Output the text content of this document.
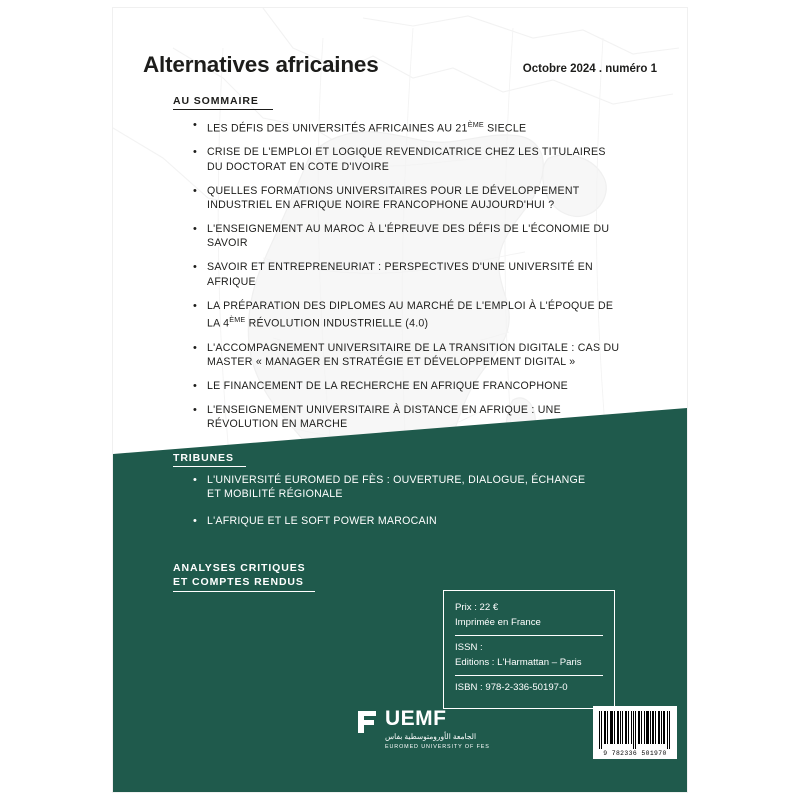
Alternatives africaines	Octobre 2024 . numéro 1
AU SOMMAIRE
• LES DÉFIS DES UNIVERSITÉS AFRICAINES AU 21ÈME SIECLE
• CRISE DE L'EMPLOI ET LOGIQUE REVENDICATRICE CHEZ LES TITULAIRES DU DOCTORAT EN COTE D'IVOIRE
• QUELLES FORMATIONS UNIVERSITAIRES POUR LE DÉVELOPPEMENT INDUSTRIEL EN AFRIQUE NOIRE FRANCOPHONE AUJOURD'HUI ?
• L'ENSEIGNEMENT AU MAROC À L'ÉPREUVE DES DÉFIS DE L'ÉCONOMIE DU SAVOIR
• SAVOIR ET ENTREPRENEURIAT : PERSPECTIVES D'UNE UNIVERSITÉ EN AFRIQUE
• LA PRÉPARATION DES DIPLOMES AU MARCHÉ DE L'EMPLOI À L'ÉPOQUE DE LA 4ÈME RÉVOLUTION INDUSTRIELLE (4.0)
• L'ACCOMPAGNEMENT UNIVERSITAIRE DE LA TRANSITION DIGITALE : CAS DU MASTER « MANAGER EN STRATÉGIE ET DÉVELOPPEMENT DIGITAL »
• LE FINANCEMENT DE LA RECHERCHE EN AFRIQUE FRANCOPHONE
• L'ENSEIGNEMENT UNIVERSITAIRE À DISTANCE EN AFRIQUE : UNE RÉVOLUTION EN MARCHE
TRIBUNES
• L'UNIVERSITÉ EUROMED DE FÈS : OUVERTURE, DIALOGUE, ÉCHANGE ET MOBILITÉ RÉGIONALE
• L'AFRIQUE ET LE SOFT POWER MAROCAIN
ANALYSES CRITIQUES
ET COMPTES RENDUS
Prix : 22 €
Imprimée en France
ISSN :
Editions : L'Harmattan – Paris
ISBN : 978-2-336-50197-0
UEMF
الجامعة الأورومتوسطية بفاس
EUROMED UNIVERSITY OF FES
9 782336 501970
